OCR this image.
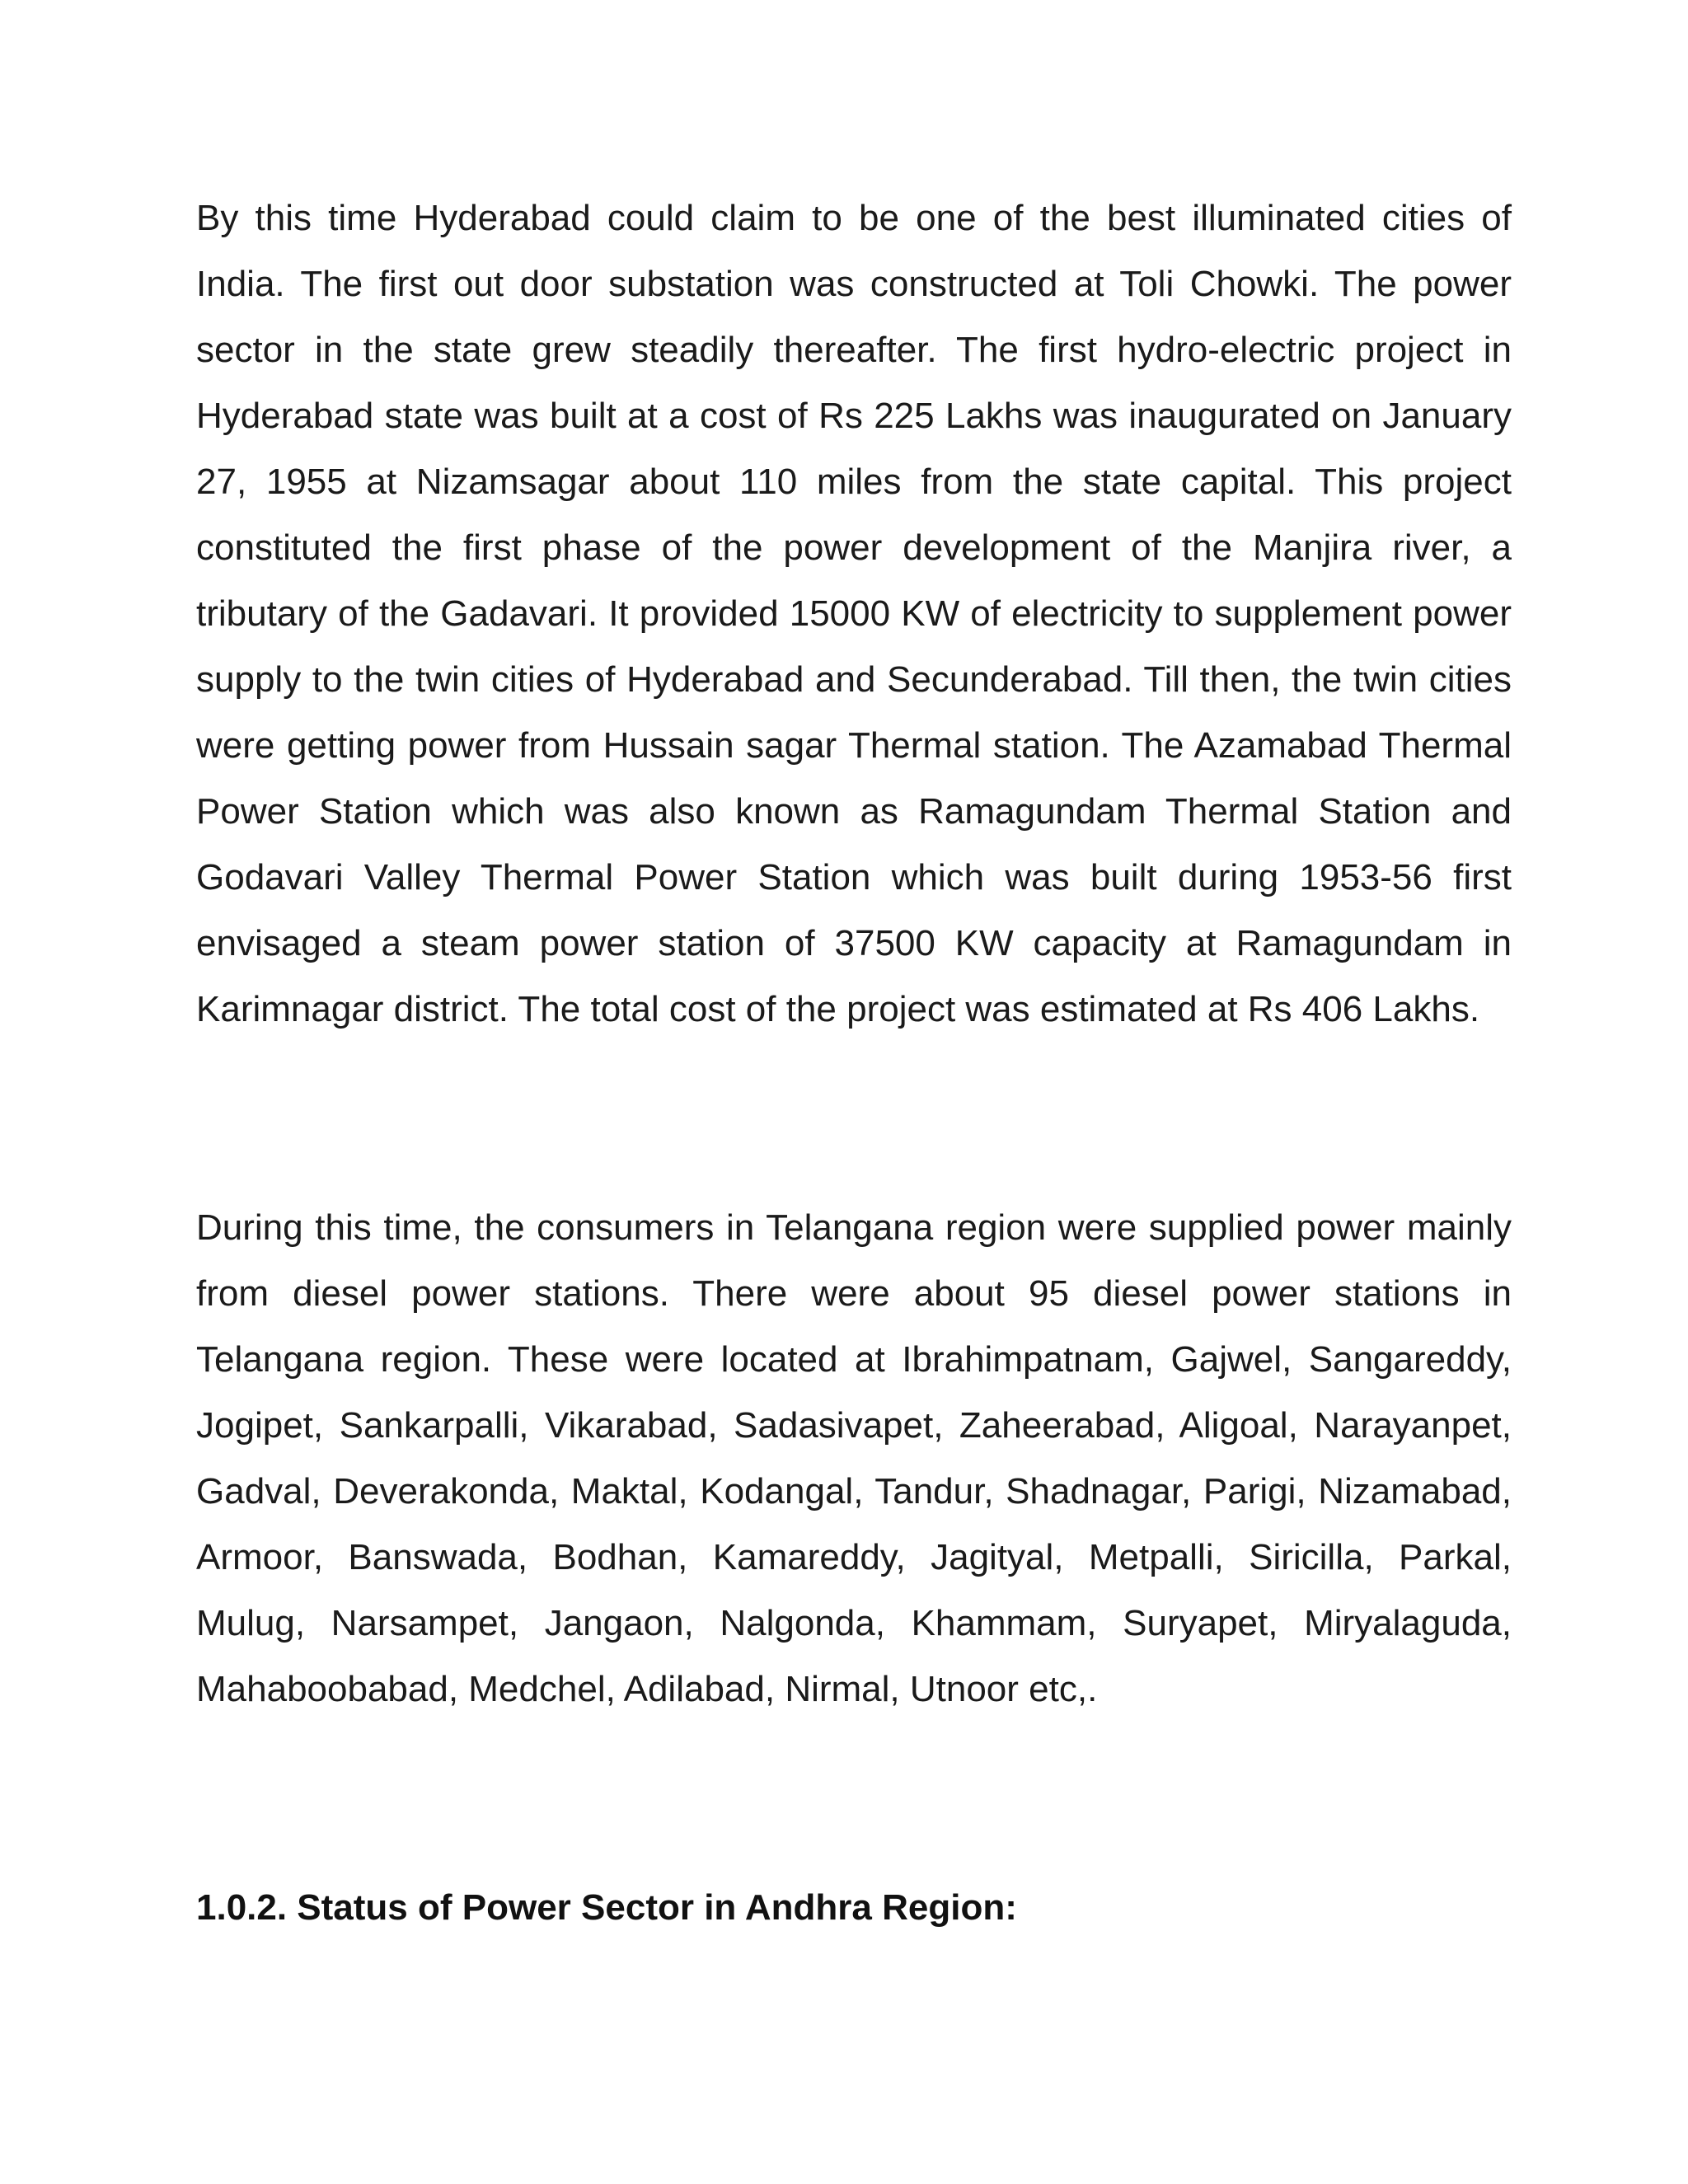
By this time Hyderabad could claim to be one of the best illuminated cities of India. The first out door substation was constructed at Toli Chowki. The power sector in the state grew steadily thereafter. The first hydro-electric project in Hyderabad state was built at a cost of Rs 225 Lakhs was inaugurated on January 27, 1955 at Nizamsagar about 110 miles from the state capital. This project constituted the first phase of the power development of the Manjira river, a tributary of the Gadavari. It provided 15000 KW of electricity to supplement power supply to the twin cities of Hyderabad and Secunderabad. Till then, the twin cities were getting power from Hussain sagar Thermal station. The Azamabad Thermal Power Station which was also known as Ramagundam Thermal Station and Godavari Valley Thermal Power Station which was built during 1953-56 first envisaged a steam power station of 37500 KW capacity at Ramagundam in Karimnagar district. The total cost of the project was estimated at Rs 406 Lakhs.

During this time, the consumers in Telangana region were supplied power mainly from diesel power stations. There were about 95 diesel power stations in Telangana region. These were located at Ibrahimpatnam, Gajwel, Sangareddy, Jogipet, Sankarpalli, Vikarabad, Sadasivapet, Zaheerabad, Aligoal, Narayanpet, Gadval, Deverakonda, Maktal, Kodangal, Tandur, Shadnagar, Parigi, Nizamabad, Armoor, Banswada, Bodhan, Kamareddy, Jagityal, Metpalli, Siricilla, Parkal, Mulug, Narsampet, Jangaon, Nalgonda, Khammam, Suryapet, Miryalaguda, Mahaboobabad, Medchel, Adilabad, Nirmal, Utnoor etc,.

1.0.2. Status of Power Sector in Andhra Region:
